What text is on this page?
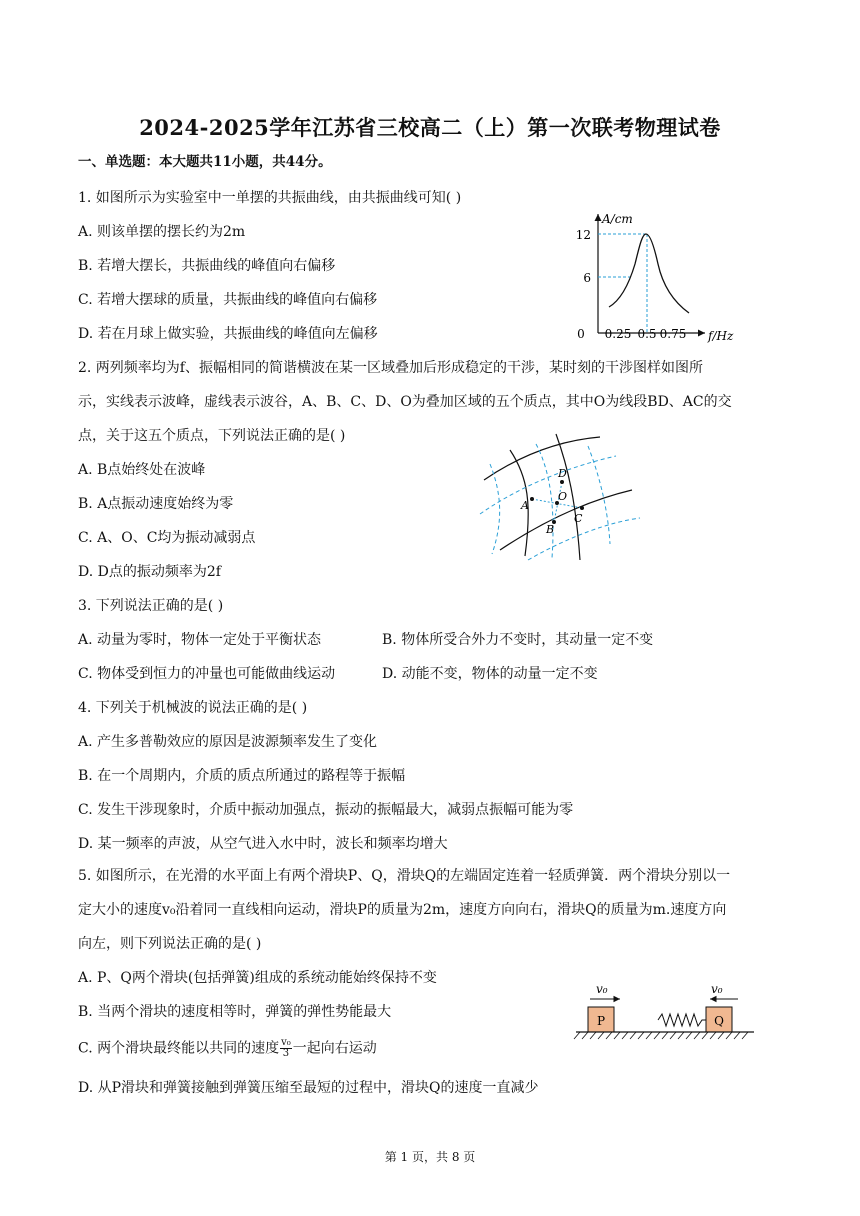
2024-2025学年江苏省三校高二（上）第一次联考物理试卷
一、单选题：本大题共11小题，共44分。
1. 如图所示为实验室中一单摆的共振曲线，由共振曲线可知( )
A. 则该单摆的摆长约为2m
B. 若增大摆长，共振曲线的峰值向右偏移
C. 若增大摆球的质量，共振曲线的峰值向右偏移
D. 若在月球上做实验，共振曲线的峰值向左偏移
12
6
0 0.25 0.5 0.75
A/cm
f/Hz
2. 两列频率均为f、振幅相同的简谐横波在某一区域叠加后形成稳定的干涉，某时刻的干涉图样如图所
示，实线表示波峰，虚线表示波谷，A、B、C、D、O为叠加区域的五个质点，其中O为线段BD、AC的交
点，关于这五个质点，下列说法正确的是( )
A. B点始终处在波峰
B. A点振动速度始终为零
C. A、O、C均为振动减弱点
D. D点的振动频率为2f
D
O
A
C
B
3. 下列说法正确的是( )
A. 动量为零时，物体一定处于平衡状态	B. 物体所受合外力不变时，其动量一定不变
C. 物体受到恒力的冲量也可能做曲线运动	D. 动能不变，物体的动量一定不变
4. 下列关于机械波的说法正确的是( )
A. 产生多普勒效应的原因是波源频率发生了变化
B. 在一个周期内，介质的质点所通过的路程等于振幅
C. 发生干涉现象时，介质中振动加强点，振动的振幅最大，减弱点振幅可能为零
D. 某一频率的声波，从空气进入水中时，波长和频率均增大
5. 如图所示，在光滑的水平面上有两个滑块P、Q，滑块Q的左端固定连着一轻质弹簧．两个滑块分别以一
定大小的速度v₀沿着同一直线相向运动，滑块P的质量为2m，速度方向向右，滑块Q的质量为m.速度方向
向左，则下列说法正确的是( )
A. P、Q两个滑块(包括弹簧)组成的系统动能始终保持不变
B. 当两个滑块的速度相等时，弹簧的弹性势能最大
C. 两个滑块最终能以共同的速度 $\frac{\text{v₀}}{3}$ 一起向右运动
D. 从P滑块和弹簧接触到弹簧压缩至最短的过程中，滑块Q的速度一直减少
v₀	v₀
P	Q
第 1 页，共 8 页
